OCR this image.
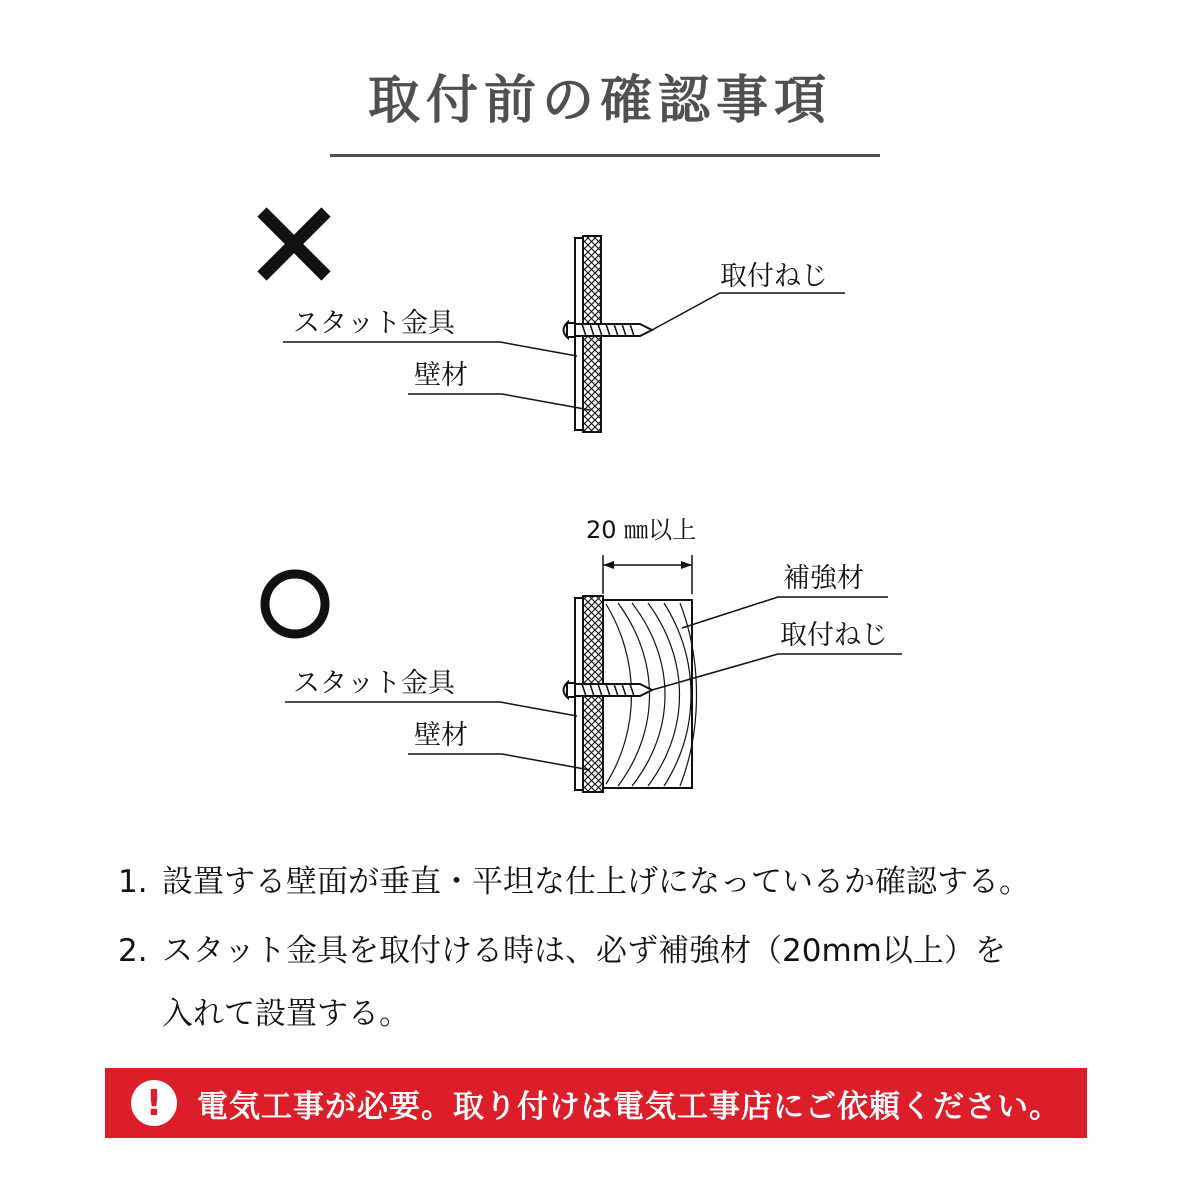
取付前の確認事項
取付ねじ
スタット金具
壁材
20 ㎜以上
補強材
取付ねじ
スタット金具
壁材
1. 設置する壁面が垂直・平坦な仕上げになっているか確認する。
2. スタット金具を取付ける時は、必ず補強材（20mm以上）を
入れて設置する。
!	電気工事が必要。取り付けは電気工事店にご依頼ください。
